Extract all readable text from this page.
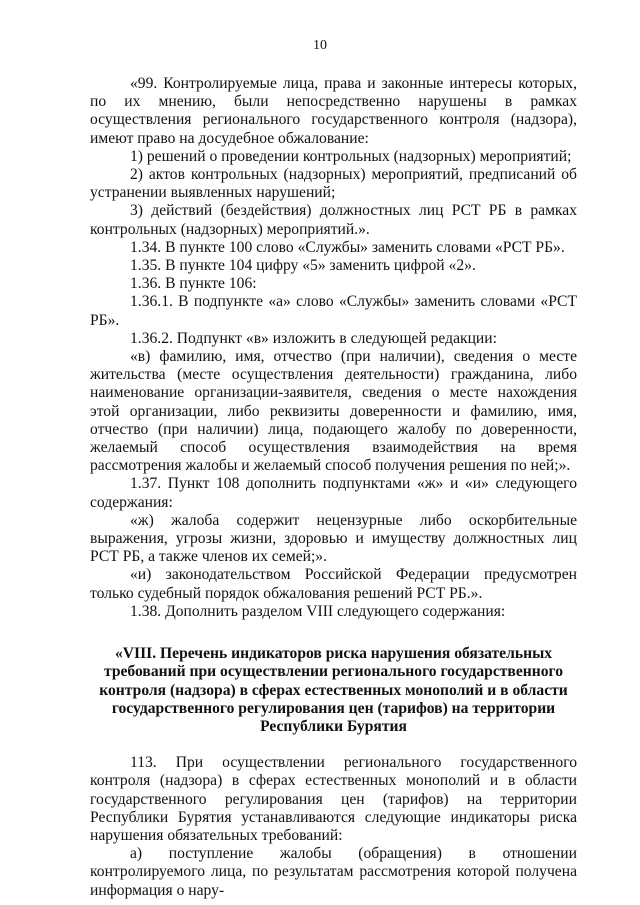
10

«99. Контролируемые лица, права и законные интересы которых, по их мнению, были непосредственно нарушены в рамках осуществления регионального государственного контроля (надзора), имеют право на досудебное обжалование:

1) решений о проведении контрольных (надзорных) мероприятий;

2) актов контрольных (надзорных) мероприятий, предписаний об устранении выявленных нарушений;

3) действий (бездействия) должностных лиц РСТ РБ в рамках контрольных (надзорных) мероприятий.».

1.34. В пункте 100 слово «Службы» заменить словами «РСТ РБ».

1.35. В пункте 104 цифру «5» заменить цифрой «2».

1.36. В пункте 106:

1.36.1. В подпункте «а» слово «Службы» заменить словами «РСТ РБ».

1.36.2. Подпункт «в» изложить в следующей редакции:

«в) фамилию, имя, отчество (при наличии), сведения о месте жительства (месте осуществления деятельности) гражданина, либо наименование организации-заявителя, сведения о месте нахождения этой организации, либо реквизиты доверенности и фамилию, имя, отчество (при наличии) лица, подающего жалобу по доверенности, желаемый способ осуществления взаимодействия на время рассмотрения жалобы и желаемый способ получения решения по ней;».

1.37. Пункт 108 дополнить подпунктами «ж» и «и» следующего содержания:

«ж) жалоба содержит нецензурные либо оскорбительные выражения, угрозы жизни, здоровью и имуществу должностных лиц РСТ РБ, а также членов их семей;».

«и) законодательством Российской Федерации предусмотрен только судебный порядок обжалования решений РСТ РБ.».

1.38. Дополнить разделом VIII следующего содержания:

«VIII. Перечень индикаторов риска нарушения обязательных требований при осуществлении регионального государственного контроля (надзора) в сферах естественных монополий и в области государственного регулирования цен (тарифов) на территории Республики Бурятия

113. При осуществлении регионального государственного контроля (надзора) в сферах естественных монополий и в области государственного регулирования цен (тарифов) на территории Республики Бурятия устанавливаются следующие индикаторы риска нарушения обязательных требований:

а) поступление жалобы (обращения) в отношении контролируемого лица, по результатам рассмотрения которой получена информация о нару-
